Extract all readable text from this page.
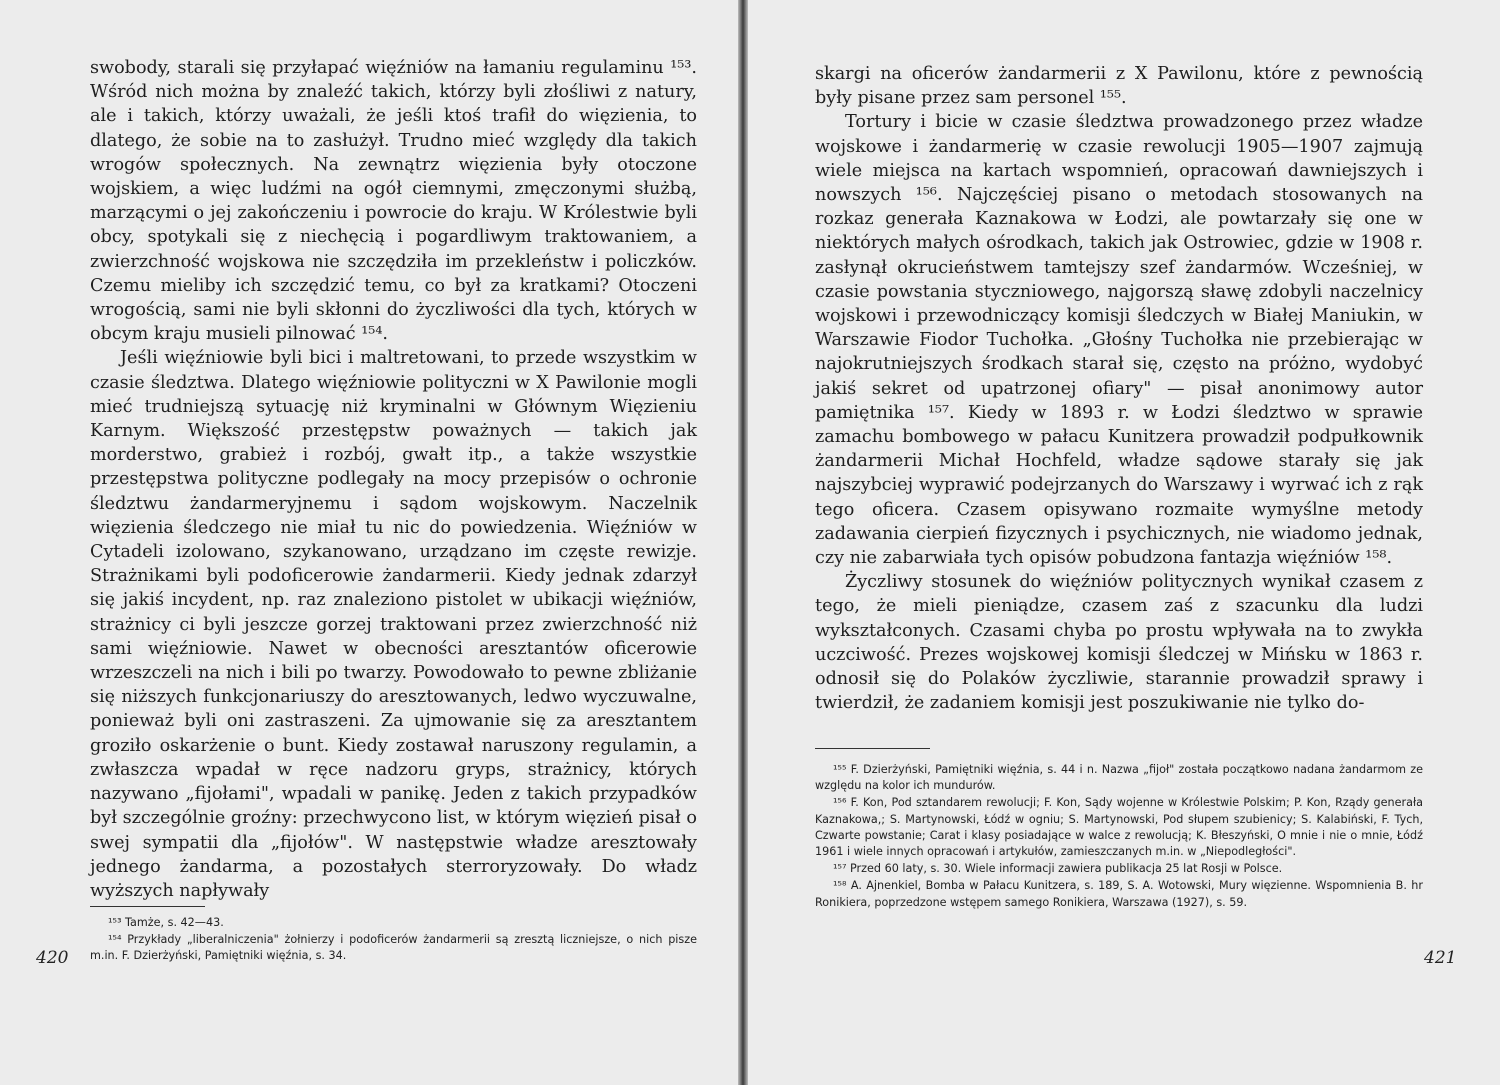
swobody, starali się przyłapać więźniów na łamaniu regulaminu ¹⁵³. Wśród nich można by znaleźć takich, którzy byli złośliwi z natury, ale i takich, którzy uważali, że jeśli ktoś trafił do więzienia, to dlatego, że sobie na to zasłużył. Trudno mieć względy dla takich wrogów społecznych. Na zewnątrz więzienia były otoczone wojskiem, a więc ludźmi na ogół ciemnymi, zmęczonymi służbą, marzącymi o jej zakończeniu i powrocie do kraju. W Królestwie byli obcy, spotykali się z niechęcią i pogardliwym traktowaniem, a zwierzchność wojskowa nie szczędziła im przekleństw i policzków. Czemu mieliby ich szczędzić temu, co był za kratkami? Otoczeni wrogością, sami nie byli skłonni do życzliwości dla tych, których w obcym kraju musieli pilnować ¹⁵⁴.

Jeśli więźniowie byli bici i maltretowani, to przede wszystkim w czasie śledztwa. Dlatego więźniowie polityczni w X Pawilonie mogli mieć trudniejszą sytuację niż kryminalni w Głównym Więzieniu Karnym. Większość przestępstw poważnych — takich jak morderstwo, grabież i rozbój, gwałt itp., a także wszystkie przestępstwa polityczne podlegały na mocy przepisów o ochronie śledztwu żandarmeryjnemu i sądom wojskowym. Naczelnik więzienia śledczego nie miał tu nic do powiedzenia. Więźniów w Cytadeli izolowano, szykanowano, urządzano im częste rewizje. Strażnikami byli podoficerowie żandarmerii. Kiedy jednak zdarzył się jakiś incydent, np. raz znaleziono pistolet w ubikacji więźniów, strażnicy ci byli jeszcze gorzej traktowani przez zwierzchność niż sami więźniowie. Nawet w obecności aresztantów oficerowie wrzeszczeli na nich i bili po twarzy. Powodowało to pewne zbliżanie się niższych funkcjonariuszy do aresztowanych, ledwo wyczuwalne, ponieważ byli oni zastraszeni. Za ujmowanie się za aresztantem groziło oskarżenie o bunt. Kiedy zostawał naruszony regulamin, a zwłaszcza wpadał w ręce nadzoru gryps, strażnicy, których nazywano „fijołami", wpadali w panikę. Jeden z takich przypadków był szczególnie groźny: przechwycono list, w którym więzień pisał o swej sympatii dla „fijołów". W następstwie władze aresztowały jednego żandarma, a pozostałych sterroryzowały. Do władz wyższych napływały

¹⁵³ Tamże, s. 42—43.

¹⁵⁴ Przykłady „liberalniczenia" żołnierzy i podoficerów żandarmerii są zresztą liczniejsze, o nich pisze m.in. F. Dzierżyński, Pamiętniki więźnia, s. 34.

420

skargi na oficerów żandarmerii z X Pawilonu, które z pewnością były pisane przez sam personel ¹⁵⁵.

Tortury i bicie w czasie śledztwa prowadzonego przez władze wojskowe i żandarmerię w czasie rewolucji 1905—1907 zajmują wiele miejsca na kartach wspomnień, opracowań dawniejszych i nowszych ¹⁵⁶. Najczęściej pisano o metodach stosowanych na rozkaz generała Kaznakowa w Łodzi, ale powtarzały się one w niektórych małych ośrodkach, takich jak Ostrowiec, gdzie w 1908 r. zasłynął okrucieństwem tamtejszy szef żandarmów. Wcześniej, w czasie powstania styczniowego, najgorszą sławę zdobyli naczelnicy wojskowi i przewodniczący komisji śledczych w Białej Maniukin, w Warszawie Fiodor Tuchołka. „Głośny Tuchołka nie przebierając w najokrutniejszych środkach starał się, często na próżno, wydobyć jakiś sekret od upatrzonej ofiary" — pisał anonimowy autor pamiętnika ¹⁵⁷. Kiedy w 1893 r. w Łodzi śledztwo w sprawie zamachu bombowego w pałacu Kunitzera prowadził podpułkownik żandarmerii Michał Hochfeld, władze sądowe starały się jak najszybciej wyprawić podejrzanych do Warszawy i wyrwać ich z rąk tego oficera. Czasem opisywano rozmaite wymyślne metody zadawania cierpień fizycznych i psychicznych, nie wiadomo jednak, czy nie zabarwiała tych opisów pobudzona fantazja więźniów ¹⁵⁸.

Życzliwy stosunek do więźniów politycznych wynikał czasem z tego, że mieli pieniądze, czasem zaś z szacunku dla ludzi wykształconych. Czasami chyba po prostu wpływała na to zwykła uczciwość. Prezes wojskowej komisji śledczej w Mińsku w 1863 r. odnosił się do Polaków życzliwie, starannie prowadził sprawy i twierdził, że zadaniem komisji jest poszukiwanie nie tylko do-

¹⁵⁵ F. Dzierżyński, Pamiętniki więźnia, s. 44 i n. Nazwa „fijoł" została początkowo nadana żandarmom ze względu na kolor ich mundurów.

¹⁵⁶ F. Kon, Pod sztandarem rewolucji; F. Kon, Sądy wojenne w Królestwie Polskim; P. Kon, Rządy generała Kaznakowa,; S. Martynowski, Łódź w ogniu; S. Martynowski, Pod słupem szubienicy; S. Kalabiński, F. Tych, Czwarte powstanie; Carat i klasy posiadające w walce z rewolucją; K. Błeszyński, O mnie i nie o mnie, Łódź 1961 i wiele innych opracowań i artykułów, zamieszczanych m.in. w „Niepodległości".

¹⁵⁷ Przed 60 laty, s. 30. Wiele informacji zawiera publikacja 25 lat Rosji w Polsce.

¹⁵⁸ A. Ajnenkiel, Bomba w Pałacu Kunitzera, s. 189, S. A. Wotowski, Mury więzienne. Wspomnienia B. hr Ronikiera, poprzedzone wstępem samego Ronikiera, Warszawa (1927), s. 59.

421
